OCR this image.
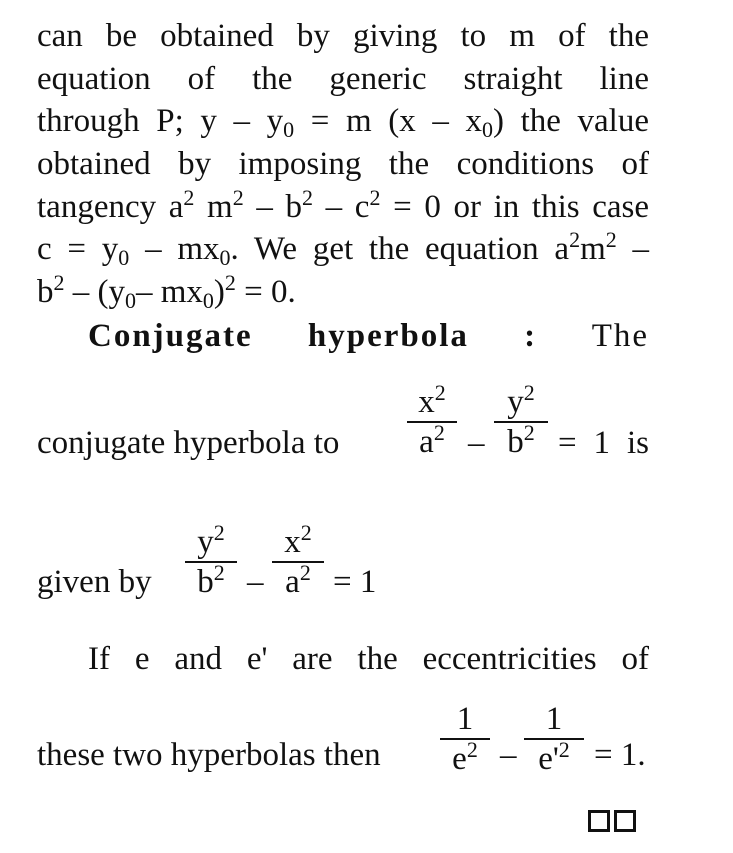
can be obtained by giving to m of the
equation of the generic straight line
through P; $y - y_0 = m$ $(x - x_0)$ the value
obtained by imposing the conditions of
tangency $a^2$ $m^2 - b^2 - c^2 = 0$ or in this case
$c = y_0 - mx_0$. We get the equation $a^2m^2$ –
$b^2 - (y_0-$ $mx_0)^2 = 0$.
Conjugate hyperbola : The
conjugate hyperbola to
$x^2$
$a^2$ –
$y^2$
$b^2 = 1$ is
given by
$y^2$
$b^2$ –
$x^2$
$a^2 = 1$
If e and e' are the eccentricities of
these two hyperbolas then
1
$e^2$ –
1
$e'^2 = 1$.
